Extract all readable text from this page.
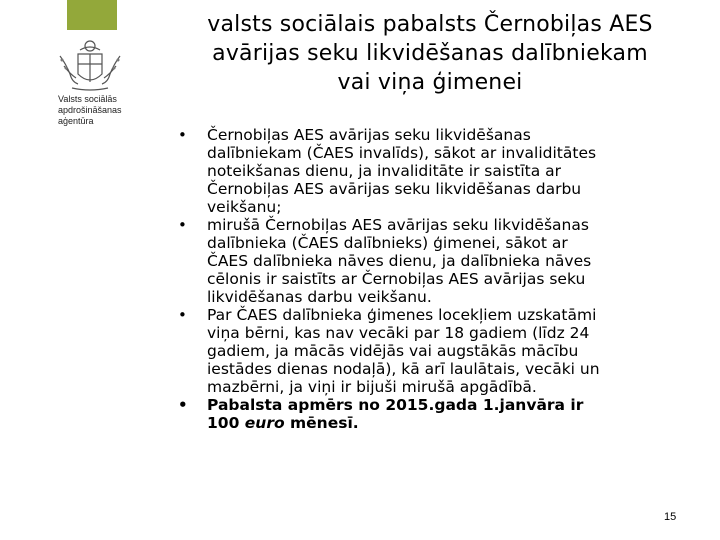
Valsts sociālās
apdrošināšanas
aģentūra
valsts sociālais pabalsts Černobiļas AES
avārijas seku likvidēšanas dalībniekam
vai viņa ģimenei
• Černobiļas AES avārijas seku likvidēšanas
dalībniekam (ČAES invalīds), sākot ar invaliditātes
noteikšanas dienu, ja invaliditāte ir saistīta ar
Černobiļas AES avārijas seku likvidēšanas darbu
veikšanu;
• mirušā Černobiļas AES avārijas seku likvidēšanas
dalībnieka (ČAES dalībnieks) ģimenei, sākot ar
ČAES dalībnieka nāves dienu, ja dalībnieka nāves
cēlonis ir saistīts ar Černobiļas AES avārijas seku
likvidēšanas darbu veikšanu.
• Par ČAES dalībnieka ģimenes locekļiem uzskatāmi
viņa bērni, kas nav vecāki par 18 gadiem (līdz 24
gadiem, ja mācās vidējās vai augstākās mācību
iestādes dienas nodaļā), kā arī laulātais, vecāki un
mazbērni, ja viņi ir bijuši mirušā apgādībā.
• Pabalsta apmērs no 2015.gada 1.janvāra ir
100 euro mēnesī.
15
